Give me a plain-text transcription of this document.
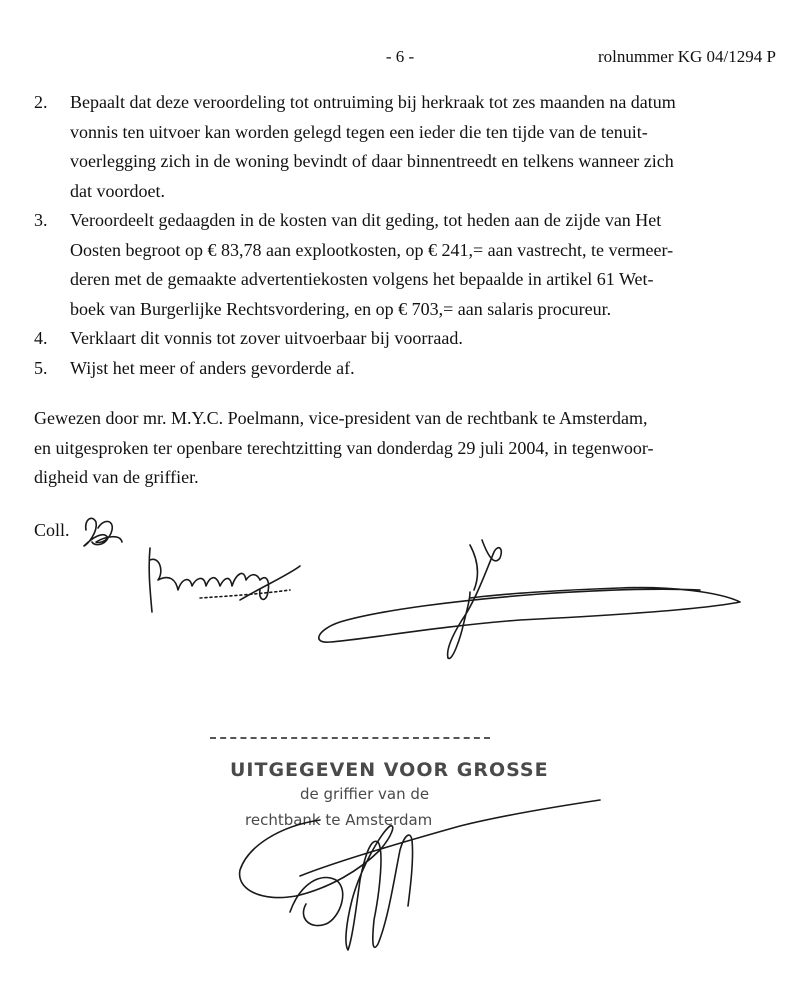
- 6 -	rolnummer KG 04/1294 P
2. Bepaalt dat deze veroordeling tot ontruiming bij herkraak tot zes maanden na datum
vonnis ten uitvoer kan worden gelegd tegen een ieder die ten tijde van de tenuit-
voerlegging zich in de woning bevindt of daar binnentreedt en telkens wanneer zich
dat voordoet.
3. Veroordeelt gedaagden in de kosten van dit geding, tot heden aan de zijde van Het
Oosten begroot op € 83,78 aan explootkosten, op € 241,= aan vastrecht, te vermeer-
deren met de gemaakte advertentiekosten volgens het bepaalde in artikel 61 Wet-
boek van Burgerlijke Rechtsvordering, en op € 703,= aan salaris procureur.
4. Verklaart dit vonnis tot zover uitvoerbaar bij voorraad.
5. Wijst het meer of anders gevorderde af.
Gewezen door mr. M.Y.C. Poelmann, vice-president van de rechtbank te Amsterdam,
en uitgesproken ter openbare terechtzitting van donderdag 29 juli 2004, in tegenwoor-
digheid van de griffier.
Coll.
UITGEGEVEN VOOR GROSSE
de griffier van de
rechtbank te Amsterdam
